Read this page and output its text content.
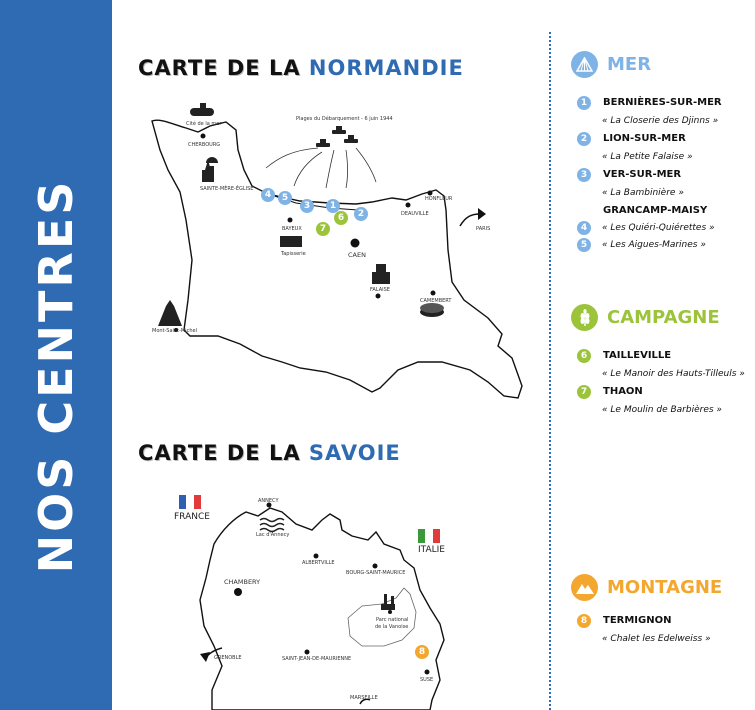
NOS CENTRES
CARTE DE LA NORMANDIE
CARTE DE LA SAVOIE
4	5
3	1
6	2
7
Cité de la mer
CHERBOURG
SAINTE-MÈRE-ÉGLISE
Plages du Débarquement - 6 juin 1944
HONFLEUR
DEAUVILLE
PARIS
BAYEUX
Tapisserie	CAEN
FALAISE
CAMEMBERT
Mont-Saint-Michel
8
FRANCE
ITALIE
ANNECY
Lac d'Annecy
ALBERTVILLE
BOURG-SAINT-MAURICE
CHAMBERY
Parc national
de la Vanoise
SAINT-JEAN-DE-MAURIENNE
GRENOBLE
SUSE
MARSEILLE
MER
1	BERNIÈRES-SUR-MER
« La Closerie des Djinns »
2	LION-SUR-MER
« La Petite Falaise »
3	VER-SUR-MER
« La Bambinière »
GRANCAMP-MAISY
4	« Les Quiéri-Quiérettes »
5	« Les Aigues-Marines »
CAMPAGNE
6	TAILLEVILLE
« Le Manoir des Hauts-Tilleuls »
7	THAON
« Le Moulin de Barbières »
MONTAGNE
8	TERMIGNON
« Chalet les Edelweiss »
